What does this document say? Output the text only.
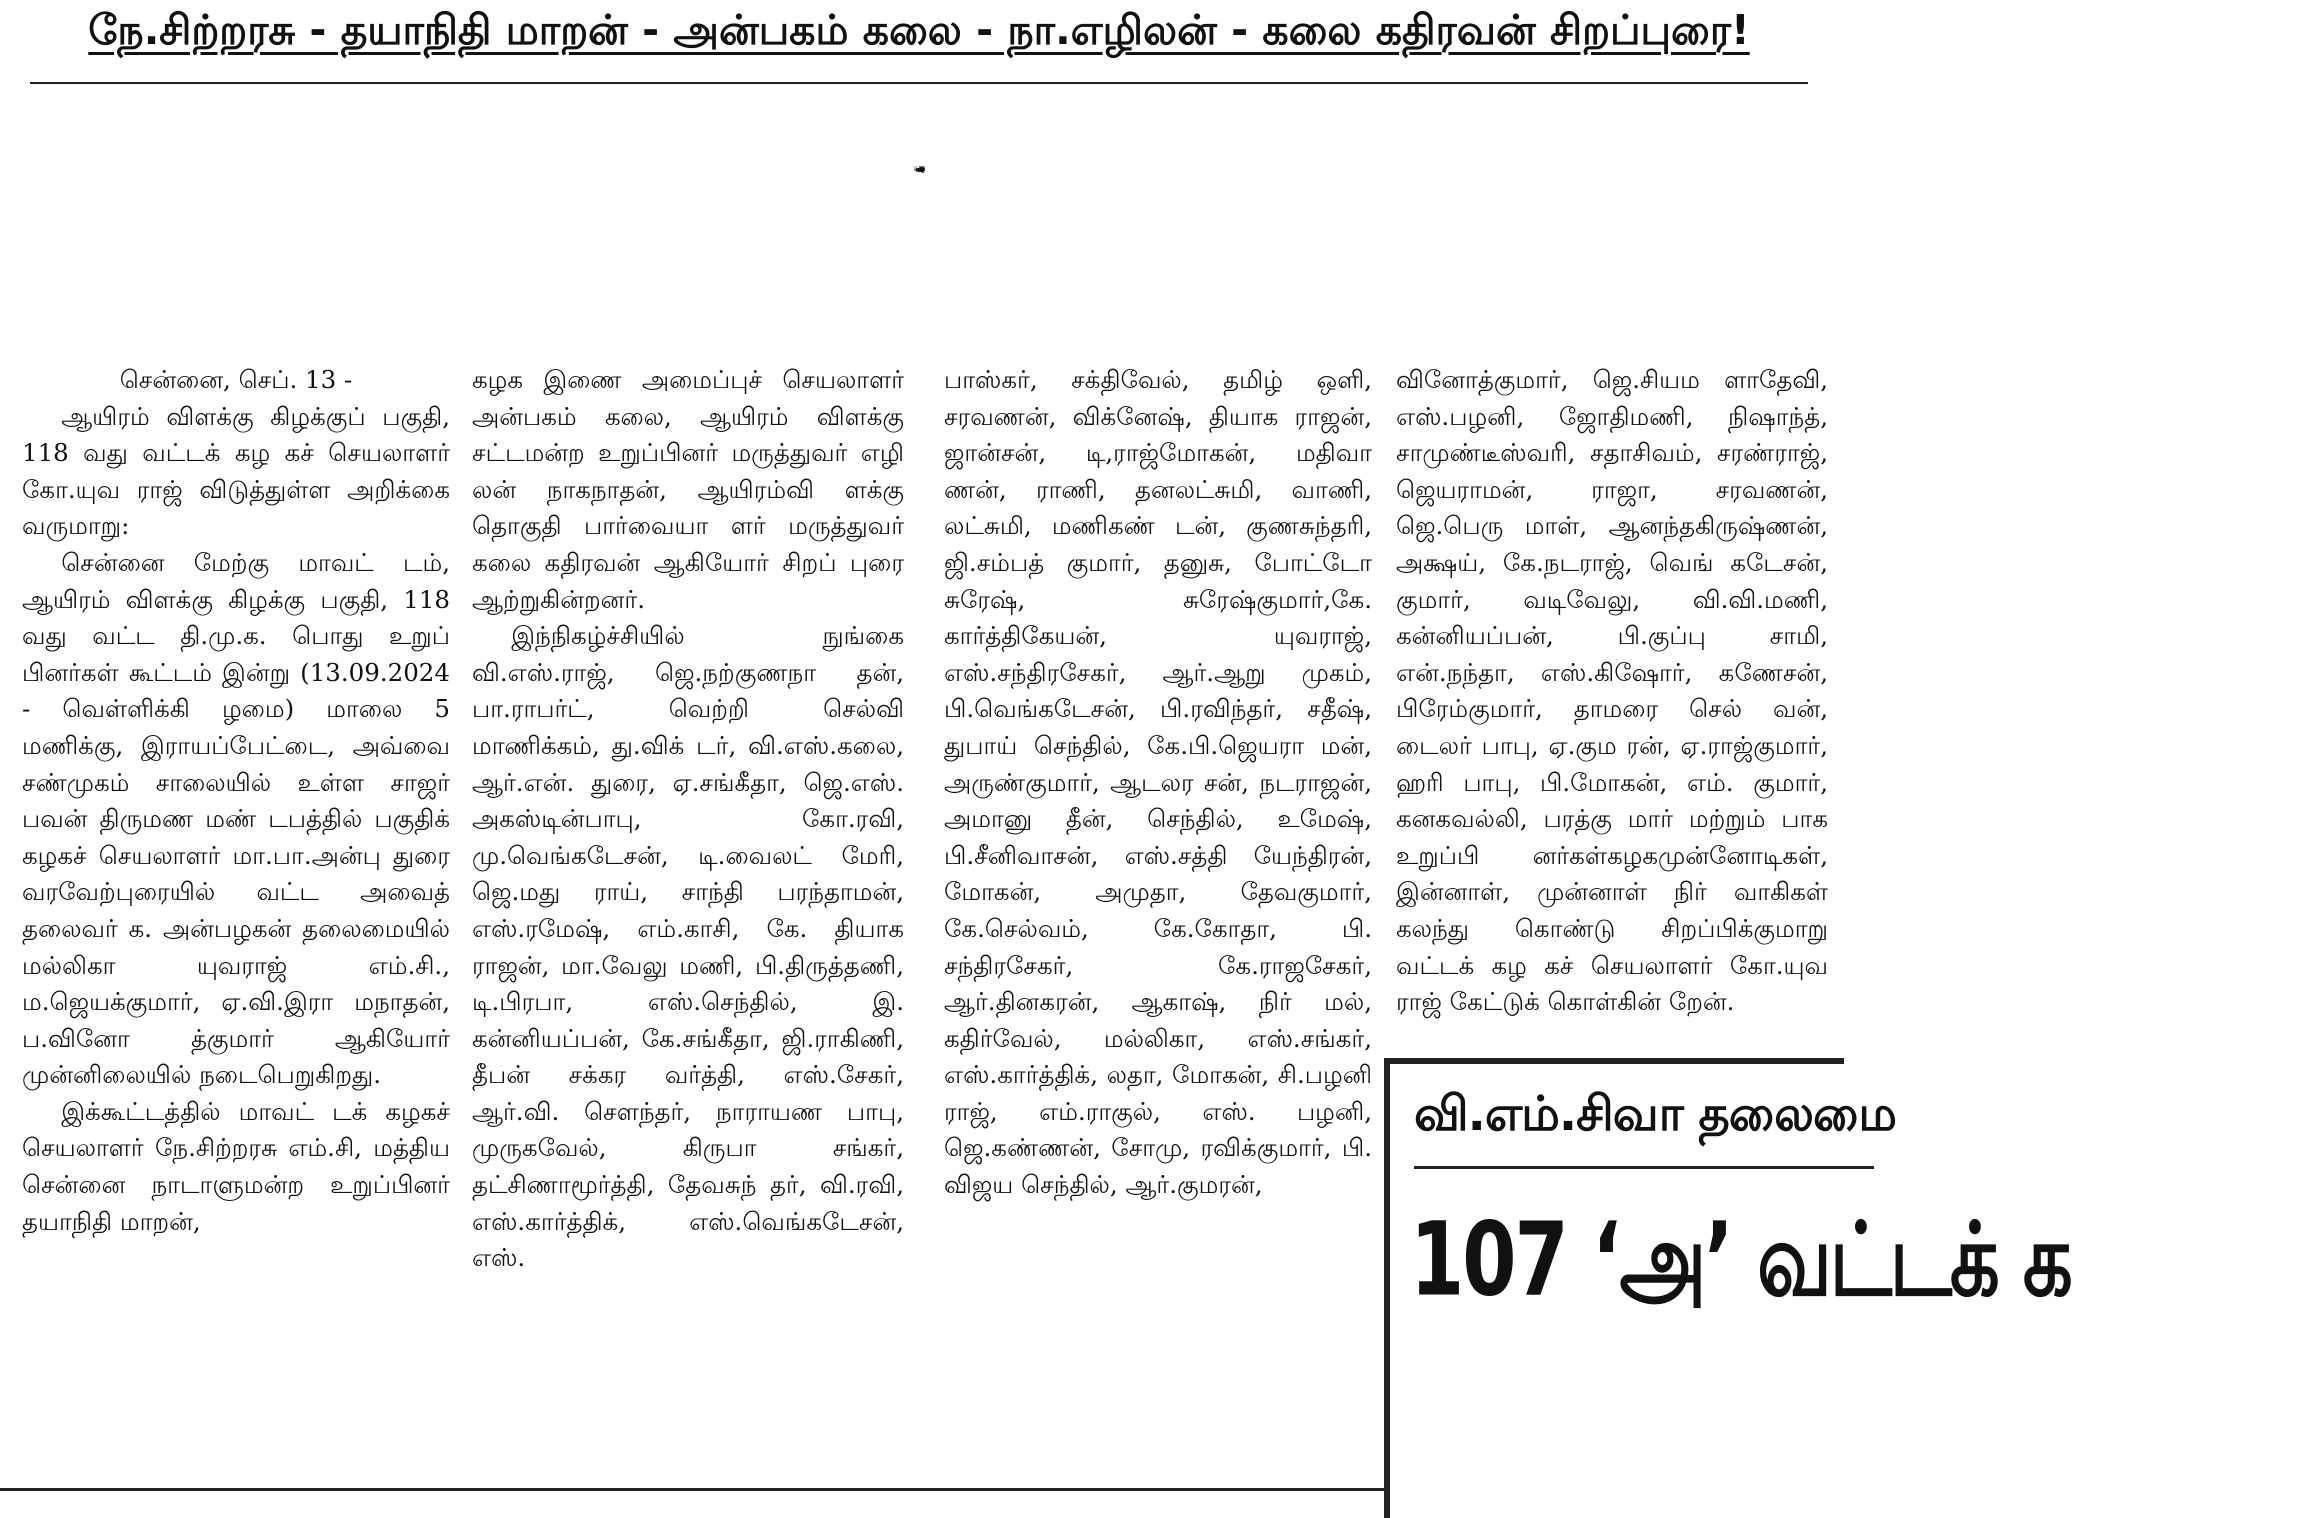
நே.சிற்றரசு - தயாநிதி மாறன் - அன்பகம் கலை - நா.எழிலன் - கலை கதிரவன் சிறப்புரை!

சென்னை, செப். 13 -

ஆயிரம் விளக்கு கிழக்குப் பகுதி, 118 வது வட்டக் கழ கச் செயலாளர் கோ.யுவ ராஜ் விடுத்துள்ள அறிக்கை வருமாறு:

சென்னை மேற்கு மாவட் டம், ஆயிரம் விளக்கு கிழக்கு பகுதி, 118 வது வட்ட தி.மு.க. பொது உறுப் பினர்கள் கூட்டம் இன்று (13.09.2024 - வெள்ளிக்கி ழமை) மாலை 5 மணிக்கு, இராயப்பேட்டை, அவ்வை சண்முகம் சாலையில் உள்ள சாஜர் பவன் திருமண மண் டபத்தில் பகுதிக் கழகச் செயலாளர் மா.பா.அன்பு துரை வரவேற்புரையில் வட்ட அவைத் தலைவர் க. அன்பழகன் தலைமையில் மல்லிகா யுவராஜ் எம்.சி., ம.ஜெயக்குமார், ஏ.வி.இரா மநாதன், ப.வினோ த்குமார் ஆகியோர் முன்னிலையில் நடைபெறுகிறது.

இக்கூட்டத்தில் மாவட் டக் கழகச் செயலாளர் நே.சிற்றரசு எம்.சி, மத்திய சென்னை நாடாளுமன்ற உறுப்பினர் தயாநிதி மாறன்,

கழக இணை அமைப்புச் செயலாளர் அன்பகம் கலை, ஆயிரம் விளக்கு சட்டமன்ற உறுப்பினர் மருத்துவர் எழி லன் நாகநாதன், ஆயிரம்வி ளக்கு தொகுதி பார்வையா ளர் மருத்துவர் கலை கதிரவன் ஆகியோர் சிறப் புரை ஆற்றுகின்றனர்.

இந்நிகழ்ச்சியில் நுங்கை வி.எஸ்.ராஜ், ஜெ.நற்குணநா தன், பா.ராபர்ட், வெற்றி செல்வி மாணிக்கம், து.விக் டர், வி.எஸ்.கலை, ஆர்.என். துரை, ஏ.சங்கீதா, ஜெ.எஸ். அகஸ்டின்பாபு, கோ.ரவி, மு.வெங்கடேசன், டி.வைலட் மேரி, ஜெ.மது ராய், சாந்தி பரந்தாமன், எஸ்.ரமேஷ், எம்.காசி, கே. தியாக ராஜன், மா.வேலு மணி, பி.திருத்தணி, டி.பிரபா, எஸ்.செந்தில், இ. கன்னியப்பன், கே.சங்கீதா, ஜி.ராகிணி, தீபன் சக்கர வர்த்தி, எஸ்.சேகர், ஆர்.வி. சௌந்தர், நாராயண பாபு, முருகவேல், கிருபா சங்கர், தட்சிணாமூர்த்தி, தேவசுந் தர், வி.ரவி, எஸ்.கார்த்திக், எஸ்.வெங்கடேசன், எஸ்.

பாஸ்கர், சக்திவேல், தமிழ் ஒளி, சரவணன், விக்னேஷ், தியாக ராஜன், ஜான்சன், டி,ராஜ்மோகன், மதிவா ணன், ராணி, தனலட்சுமி, வாணி, லட்சுமி, மணிகண் டன், குணசுந்தரி, ஜி.சம்பத் குமார், தனுசு, போட்டோ சுரேஷ், சுரேஷ்குமார்,கே. கார்த்திகேயன், யுவராஜ், எஸ்.சந்திரசேகர், ஆர்.ஆறு முகம், பி.வெங்கடேசன், பி.ரவிந்தர், சதீஷ், துபாய் செந்தில், கே.பி.ஜெயரா மன், அருண்குமார், ஆடலர சன், நடராஜன், அமானு தீன், செந்தில், உமேஷ், பி.சீனிவாசன், எஸ்.சத்தி யேந்திரன், மோகன், அமுதா, தேவகுமார், கே.செல்வம், கே.கோதா, பி. சந்திரசேகர், கே.ராஜசேகர், ஆர்.தினகரன், ஆகாஷ், நிர் மல், கதிர்வேல், மல்லிகா, எஸ்.சங்கர், எஸ்.கார்த்திக், லதா, மோகன், சி.பழனி ராஜ், எம்.ராகுல், எஸ். பழனி, ஜெ.கண்ணன், சோமு, ரவிக்குமார், பி. விஜய செந்தில், ஆர்.குமரன்,

வினோத்குமார், ஜெ.சியம ளாதேவி, எஸ்.பழனி, ஜோதிமணி, நிஷாந்த், சாமுண்டீஸ்வரி, சதாசிவம், சரண்ராஜ், ஜெயராமன், ராஜா, சரவணன், ஜெ.பெரு மாள், ஆனந்தகிருஷ்ணன், அக்ஷய், கே.நடராஜ், வெங் கடேசன், குமார், வடிவேலு, வி.வி.மணி, கன்னியப்பன், பி.குப்பு சாமி, என்.நந்தா, எஸ்.கிஷோர், கணேசன், பிரேம்குமார், தாமரை செல் வன், டைலர் பாபு, ஏ.கும ரன், ஏ.ராஜ்குமார், ஹரி பாபு, பி.மோகன், எம். குமார், கனகவல்லி, பரத்கு மார் மற்றும் பாக உறுப்பி னர்கள்கழகமுன்னோடிகள், இன்னாள், முன்னாள் நிர் வாகிகள் கலந்து கொண்டு சிறப்பிக்குமாறு வட்டக் கழ கச் செயலாளர் கோ.யுவ ராஜ் கேட்டுக் கொள்கின் றேன்.

வி.எம்.சிவா தலைமை
107 ‘அ’ வட்டக் க
